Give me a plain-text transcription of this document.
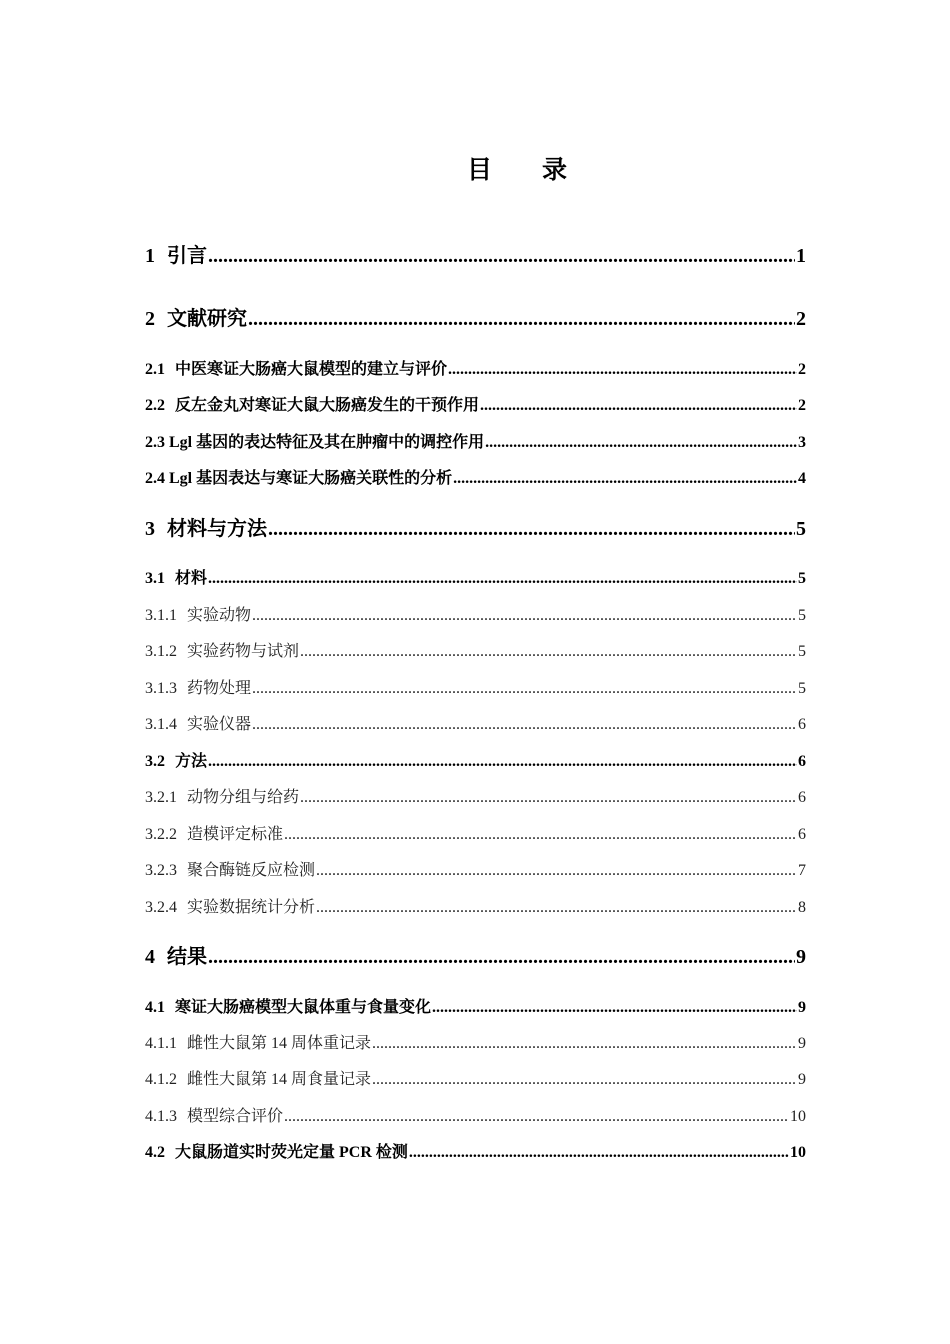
目 录
1 引言 .....	1
2 文献研究 .....	2
2.1 中医寒证大肠癌大鼠模型的建立与评价 .....	2
2.2 反左金丸对寒证大鼠大肠癌发生的干预作用 .....	2
2.3 Lgl 基因的表达特征及其在肿瘤中的调控作用 .....	3
2.4 Lgl 基因表达与寒证大肠癌关联性的分析 .....	4
3 材料与方法 .....	5
3.1 材料 .....	5
3.1.1 实验动物 .....	5
3.1.2 实验药物与试剂 .....	5
3.1.3 药物处理 .....	5
3.1.4 实验仪器 .....	6
3.2 方法 .....	6
3.2.1 动物分组与给药 .....	6
3.2.2 造模评定标准 .....	6
3.2.3 聚合酶链反应检测 .....	7
3.2.4 实验数据统计分析 .....	8
4 结果 .....	9
4.1 寒证大肠癌模型大鼠体重与食量变化 .....	9
4.1.1 雌性大鼠第 14 周体重记录 .....	9
4.1.2 雌性大鼠第 14 周食量记录 .....	9
4.1.3 模型综合评价 .....	10
4.2 大鼠肠道实时荧光定量 PCR 检测 .....	10
